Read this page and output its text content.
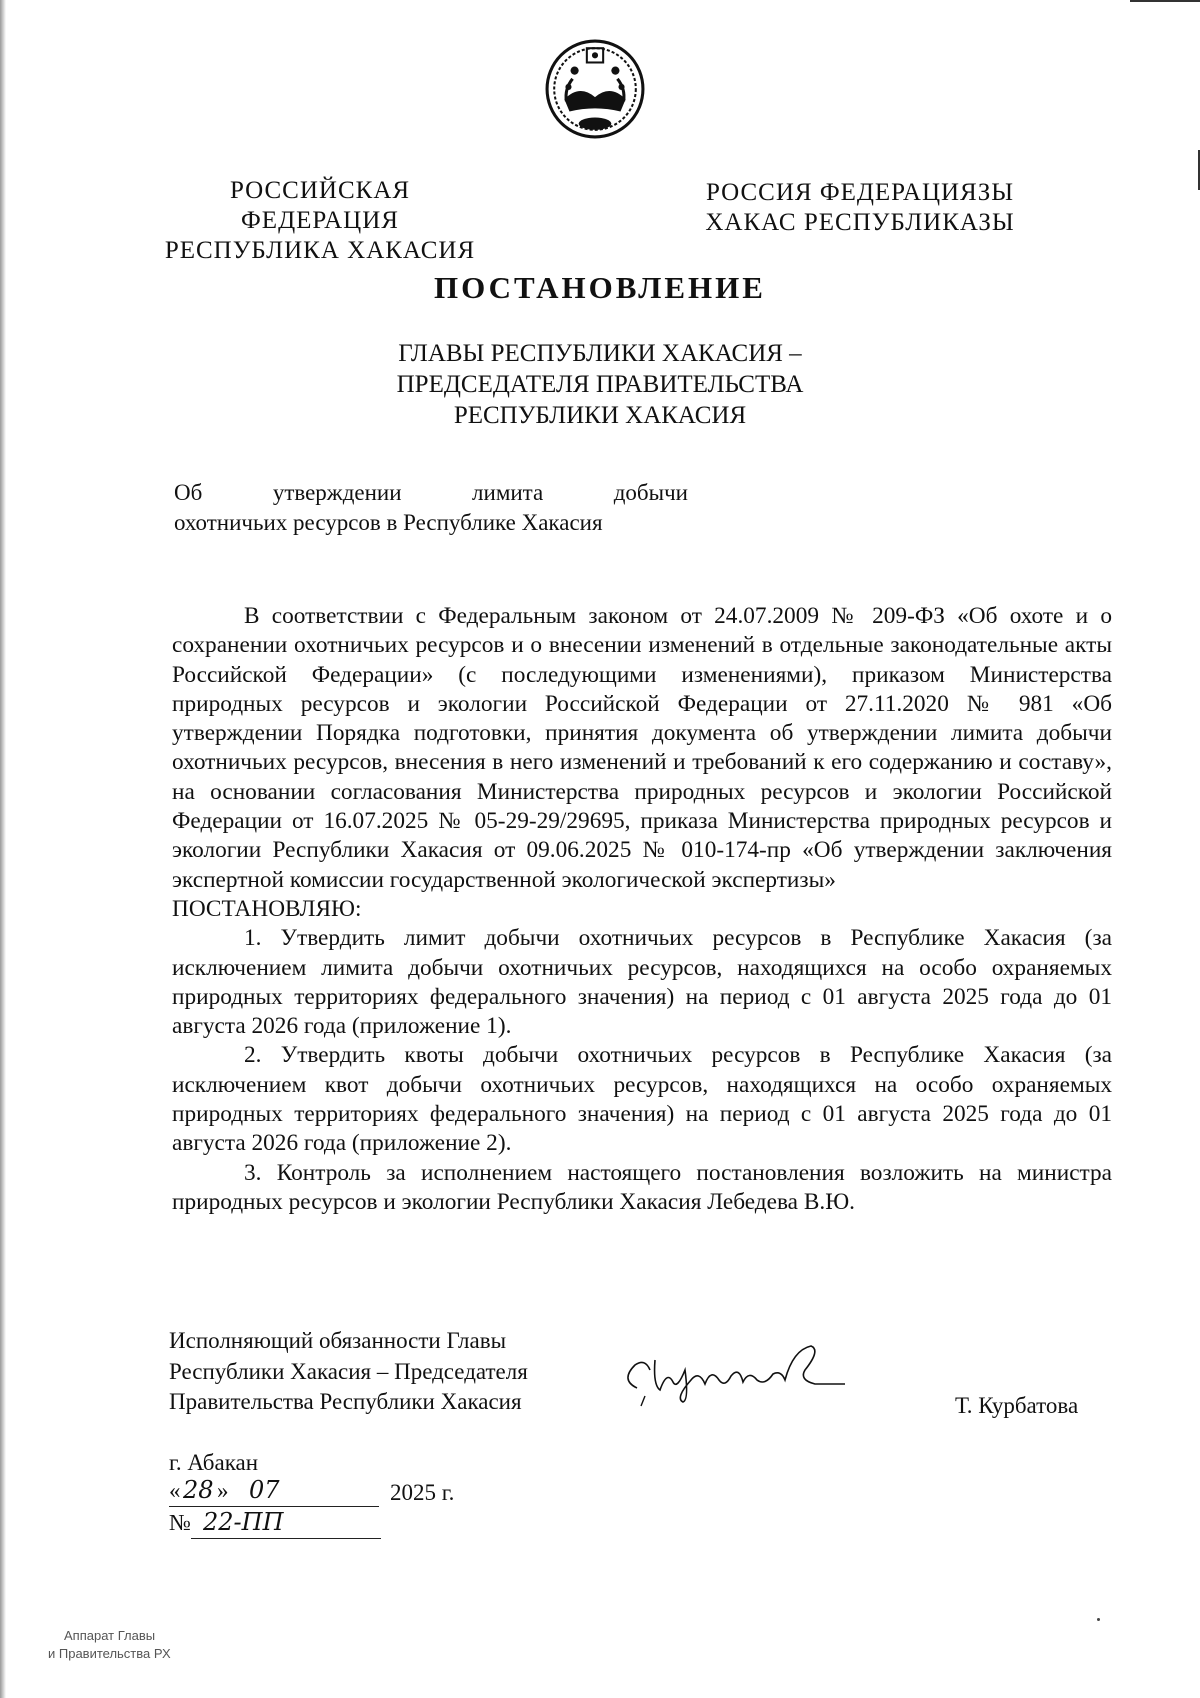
РОССИЙСКАЯ ФЕДЕРАЦИЯ
РЕСПУБЛИКА ХАКАСИЯ
РОССИЯ ФЕДЕРАЦИЯЗЫ
ХАКАС РЕСПУБЛИКАЗЫ
ПОСТАНОВЛЕНИЕ
ГЛАВЫ РЕСПУБЛИКИ ХАКАСИЯ –
ПРЕДСЕДАТЕЛЯ ПРАВИТЕЛЬСТВА
РЕСПУБЛИКИ ХАКАСИЯ
Об	утверждении	лимита	добычи
охотничьих ресурсов в Республике Хакасия

В соответствии с Федеральным законом от 24.07.2009 № 209-ФЗ «Об охоте и о сохранении охотничьих ресурсов и о внесении изменений в отдельные законодательные акты Российской Федерации» (с последующими изменениями), приказом Министерства природных ресурсов и экологии Российской Федерации от 27.11.2020 № 981 «Об утверждении Порядка подготовки, принятия документа об утверждении лимита добычи охотничьих ресурсов, внесения в него изменений и требований к его содержанию и составу», на основании согласования Министерства природных ресурсов и экологии Российской Федерации от 16.07.2025 № 05-29-29/29695, приказа Министерства природных ресурсов и экологии Республики Хакасия от 09.06.2025 № 010-174-пр «Об утверждении заключения экспертной комиссии государственной экологической экспертизы»

ПОСТАНОВЛЯЮ:

1. Утвердить лимит добычи охотничьих ресурсов в Республике Хакасия (за исключением лимита добычи охотничьих ресурсов, находящихся на особо охраняемых природных территориях федерального значения) на период с 01 августа 2025 года до 01 августа 2026 года (приложение 1).

2. Утвердить квоты добычи охотничьих ресурсов в Республике Хакасия (за исключением квот добычи охотничьих ресурсов, находящихся на особо охраняемых природных территориях федерального значения) на период с 01 августа 2025 года до 01 августа 2026 года (приложение 2).

3. Контроль за исполнением настоящего постановления возложить на министра природных ресурсов и экологии Республики Хакасия Лебедева В.Ю.

Исполняющий обязанности Главы
Республики Хакасия – Председателя
Правительства Республики Хакасия	Т. Курбатова
г. Абакан
« 28 » 07	2025 г.
№ 22-ПП
Аппарат Главы
и Правительства РХ
